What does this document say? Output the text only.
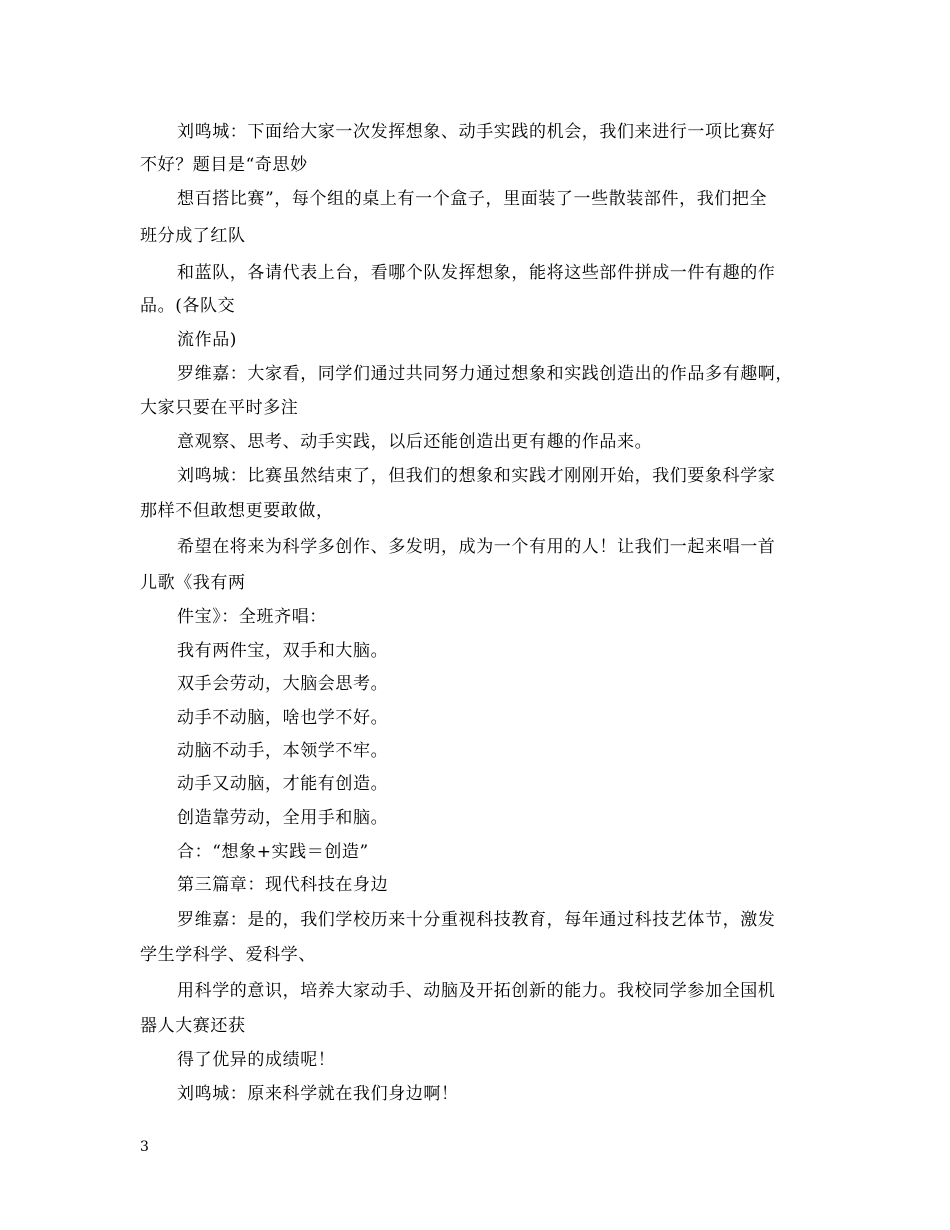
刘鸣城：下面给大家一次发挥想象、动手实践的机会，我们来进行一项比赛好
不好？题目是“奇思妙
想百搭比赛”，每个组的桌上有一个盒子，里面装了一些散装部件，我们把全
班分成了红队
和蓝队，各请代表上台，看哪个队发挥想象，能将这些部件拼成一件有趣的作
品。(各队交
流作品)
罗维嘉：大家看，同学们通过共同努力通过想象和实践创造出的作品多有趣啊，
大家只要在平时多注
意观察、思考、动手实践，以后还能创造出更有趣的作品来。
刘鸣城：比赛虽然结束了，但我们的想象和实践才刚刚开始，我们要象科学家
那样不但敢想更要敢做，
希望在将来为科学多创作、多发明，成为一个有用的人！让我们一起来唱一首
儿歌《我有两
件宝》：全班齐唱：
我有两件宝，双手和大脑。
双手会劳动，大脑会思考。
动手不动脑，啥也学不好。
动脑不动手，本领学不牢。
动手又动脑，才能有创造。
创造靠劳动，全用手和脑。
合：“想象+实践＝创造”
第三篇章：现代科技在身边
罗维嘉：是的，我们学校历来十分重视科技教育，每年通过科技艺体节，激发
学生学科学、爱科学、
用科学的意识，培养大家动手、动脑及开拓创新的能力。我校同学参加全国机
器人大赛还获
得了优异的成绩呢！
刘鸣城：原来科学就在我们身边啊！
3
